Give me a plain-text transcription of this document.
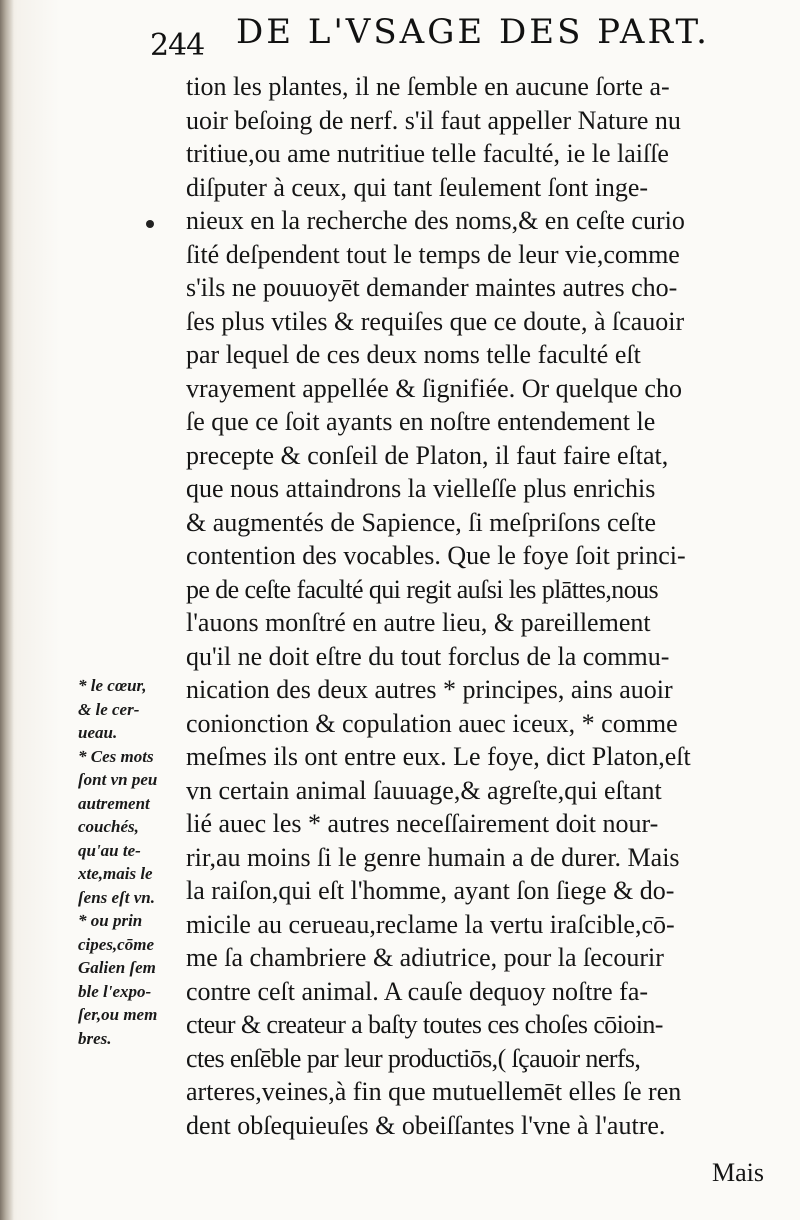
244 DE L'VSAGE DES PART.
tion les plantes, il ne ſemble en aucune ſorte a-
uoir beſoing de nerf. s'il faut appeller Nature nu
tritiue,ou ame nutritiue telle faculté, ie le laiſſe
diſputer à ceux, qui tant ſeulement ſont inge-
nieux en la recherche des noms,& en ceſte curio
ſité deſpendent tout le temps de leur vie,comme
s'ils ne pouuoyēt demander maintes autres cho-
ſes plus vtiles & requiſes que ce doute, à ſcauoir
par lequel de ces deux noms telle faculté eſt
vrayement appellée & ſignifiée. Or quelque cho
ſe que ce ſoit ayants en noſtre entendement le
precepte & conſeil de Platon, il faut faire eſtat,
que nous attaindrons la vielleſſe plus enrichis
& augmentés de Sapience, ſi meſpriſons ceſte
contention des vocables. Que le foye ſoit princi-
pe de ceſte faculté qui regit auſsi les plāttes,nous
l'auons monſtré en autre lieu, & pareillement
qu'il ne doit eſtre du tout forclus de la commu-
nication des deux autres * principes, ains auoir
conionction & copulation auec iceux, * comme
meſmes ils ont entre eux. Le foye, dict Platon,eſt
vn certain animal ſauuage,& agreſte,qui eſtant
lié auec les * autres neceſſairement doit nour-
rir,au moins ſi le genre humain a de durer. Mais
la raiſon,qui eſt l'homme, ayant ſon ſiege & do-
micile au cerueau,reclame la vertu iraſcible,cō-
me ſa chambriere & adiutrice, pour la ſecourir
contre ceſt animal. A cauſe dequoy noſtre fa-
cteur & createur a baſty toutes ces choſes cōioin-
ctes enſēble par leur productiōs,( ſçauoir nerfs,
arteres,veines,à fin que mutuellemēt elles ſe ren
dent obſequieuſes & obeiſſantes l'vne à l'autre.
Mais
* le cœur,
& le cer-
ueau.
* Ces mots
ſont vn peu
autrement
couchés,
qu'au te-
xte,mais le
ſens eſt vn.
* ou prin
cipes,cōme
Galien ſem
ble l'expo-
ſer,ou mem
bres.
